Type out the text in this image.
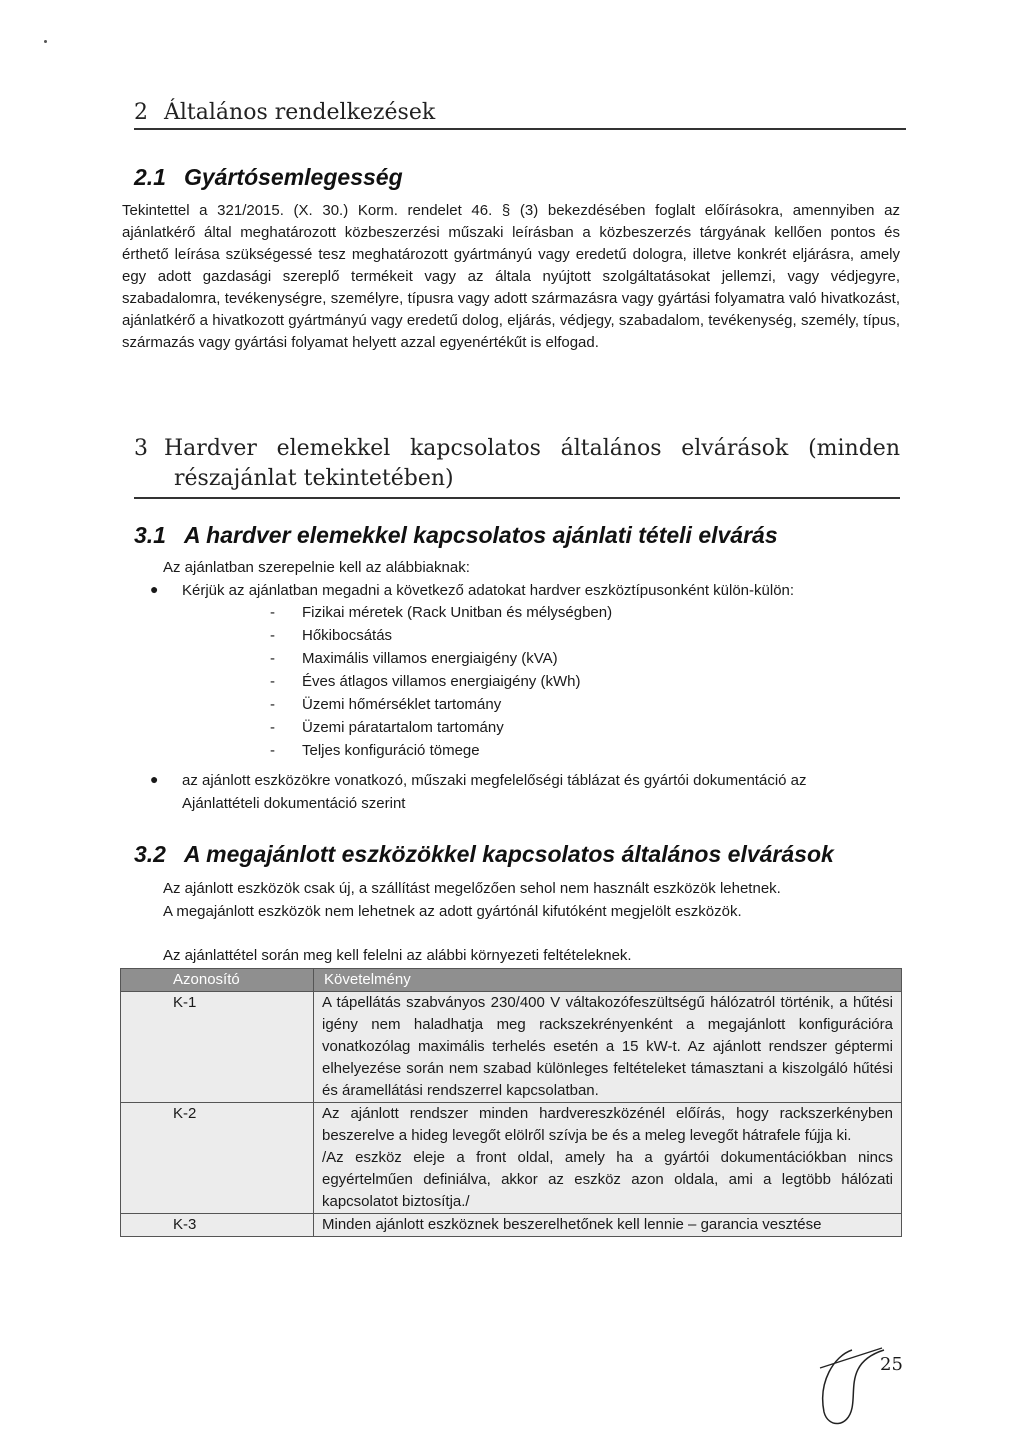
2 Általános rendelkezések
2.1 Gyártósemlegesség
Tekintettel a 321/2015. (X. 30.) Korm. rendelet 46. § (3) bekezdésében foglalt előírásokra, amennyiben az ajánlatkérő által meghatározott közbeszerzési műszaki leírásban a közbeszerzés tárgyának kellően pontos és érthető leírása szükségessé tesz meghatározott gyártmányú vagy eredetű dologra, illetve konkrét eljárásra, amely egy adott gazdasági szereplő termékeit vagy az általa nyújtott szolgáltatásokat jellemzi, vagy védjegyre, szabadalomra, tevékenységre, személyre, típusra vagy adott származásra vagy gyártási folyamatra való hivatkozást, ajánlatkérő a hivatkozott gyártmányú vagy eredetű dolog, eljárás, védjegy, szabadalom, tevékenység, személy, típus, származás vagy gyártási folyamat helyett azzal egyenértékűt is elfogad.
3 Hardver elemekkel kapcsolatos általános elvárások (minden
részajánlat tekintetében)
3.1 A hardver elemekkel kapcsolatos ajánlati tételi elvárás
Az ajánlatban szerepelnie kell az alábbiaknak:
● Kérjük az ajánlatban megadni a következő adatokat hardver eszköztípusonként külön-külön:
- Fizikai méretek (Rack Unitban és mélységben)
- Hőkibocsátás
- Maximális villamos energiaigény (kVA)
- Éves átlagos villamos energiaigény (kWh)
- Üzemi hőmérséklet tartomány
- Üzemi páratartalom tartomány
- Teljes konfiguráció tömege
● az ajánlott eszközökre vonatkozó, műszaki megfelelőségi táblázat és gyártói dokumentáció az
Ajánlattételi dokumentáció szerint
3.2 A megajánlott eszközökkel kapcsolatos általános elvárások
Az ajánlott eszközök csak új, a szállítást megelőzően sehol nem használt eszközök lehetnek.
A megajánlott eszközök nem lehetnek az adott gyártónál kifutóként megjelölt eszközök.
Az ajánlattétel során meg kell felelni az alábbi környezeti feltételeknek.
Azonosító	Követelmény
K-1	A tápellátás szabványos 230/400 V váltakozófeszültségű hálózatról történik, a hűtési igény nem haladhatja meg rackszekrényenként a megajánlott konfigurációra vonatkozólag maximális terhelés esetén a 15 kW-t. Az ajánlott rendszer géptermi elhelyezése során nem szabad különleges feltételeket támasztani a kiszolgáló hűtési és áramellátási rendszerrel kapcsolatban.
K-2	Az ajánlott rendszer minden hardvereszközénél előírás, hogy rackszerkényben beszerelve a hideg levegőt elölről szívja be és a meleg levegőt hátrafele fújja ki.

/Az eszköz eleje a front oldal, amely ha a gyártói dokumentációkban nincs egyértelműen definiálva, akkor az eszköz azon oldala, ami a legtöbb hálózati kapcsolatot biztosítja./

K-3	Minden ajánlott eszköznek beszerelhetőnek kell lennie – garancia vesztése
25
